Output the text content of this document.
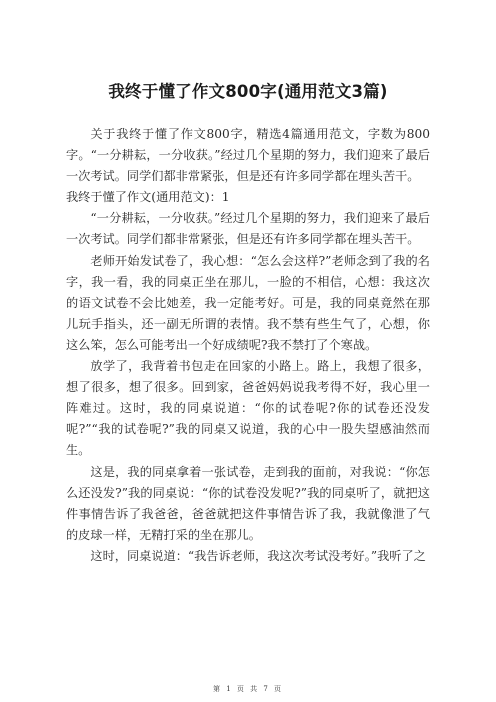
我终于懂了作文800字(通用范文3篇)

关于我终于懂了作文800字，精选4篇通用范文，字数为800字。“一分耕耘，一分收获。”经过几个星期的努力，我们迎来了最后一次考试。同学们都非常紧张，但是还有许多同学都在埋头苦干。

我终于懂了作文(通用范文)：1

“一分耕耘，一分收获。”经过几个星期的努力，我们迎来了最后一次考试。同学们都非常紧张，但是还有许多同学都在埋头苦干。

老师开始发试卷了，我心想：“怎么会这样?”老师念到了我的名字，我一看，我的同桌正坐在那儿，一脸的不相信，心想：我这次的语文试卷不会比她差，我一定能考好。可是，我的同桌竟然在那儿玩手指头，还一副无所谓的表情。我不禁有些生气了，心想，你这么笨，怎么可能考出一个好成绩呢?我不禁打了个寒战。

放学了，我背着书包走在回家的小路上。路上，我想了很多，想了很多，想了很多。回到家，爸爸妈妈说我考得不好，我心里一阵难过。这时，我的同桌说道：“你的试卷呢?你的试卷还没发呢?”“我的试卷呢?”我的同桌又说道，我的心中一股失望感油然而生。

这是，我的同桌拿着一张试卷，走到我的面前，对我说：“你怎么还没发?”我的同桌说：“你的试卷没发呢?”我的同桌听了，就把这件事情告诉了我爸爸，爸爸就把这件事情告诉了我，我就像泄了气的皮球一样，无精打采的坐在那儿。

这时，同桌说道：“我告诉老师，我这次考试没考好。”我听了之

第 1 页 共 7 页
